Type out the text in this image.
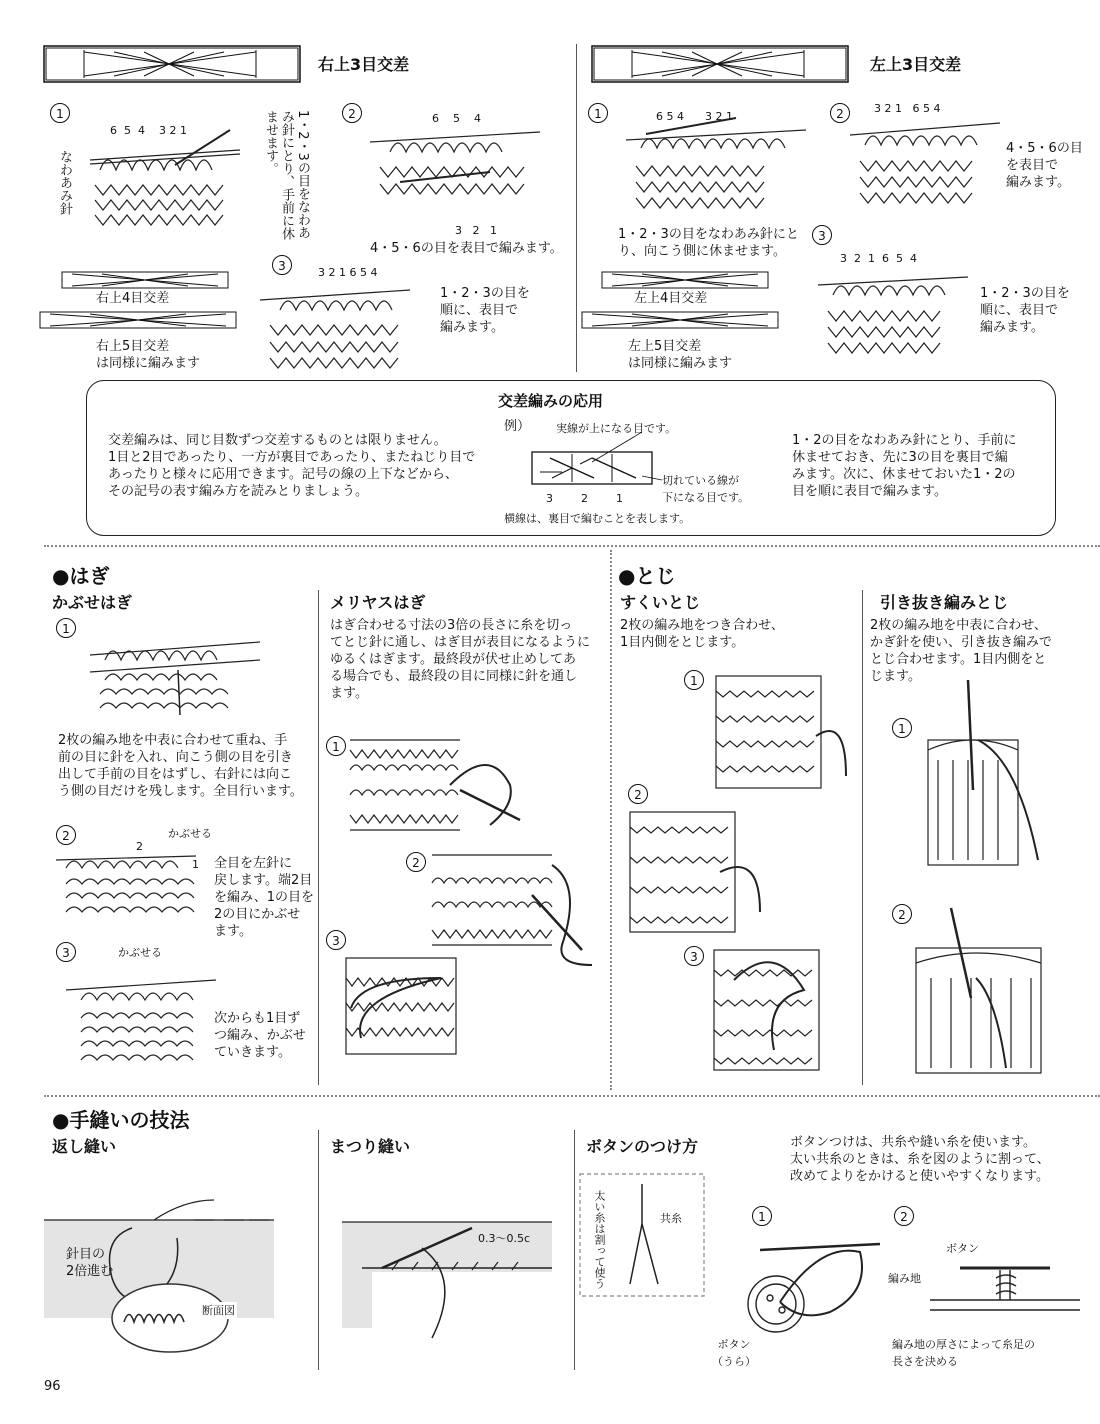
右上3目交差
1
6  5  4    3 2 1
なわあみ針	1・2・3の目をなわあみ針にとり、手前に休ませます。	2	6    5    4
3   2   1
4・5・6の目を表目で編みます。
3	3 2 1 6 5 4
1・2・3の目を
順に、表目で
編みます。
右上4目交差
右上5目交差
は同様に編みます
左上3目交差
1	6 5 4      3 2 1
1・2・3の目をなわあみ針にと
り、向こう側に休ませます。
2	3 2 1   6 5 4
4・5・6の目
を表目で
編みます。
3
3  2  1  6  5  4
1・2・3の目を
順に、表目で
編みます。
左上4目交差
左上5目交差
は同様に編みます
交差編みの応用
交差編みは、同じ目数ずつ交差するものとは限りません。
1目と2目であったり、一方が裏目であったり、またねじり目で
あったりと様々に応用できます。記号の線の上下などから、
その記号の表す編み方を読みとりましょう。
例） 実線が上になる目です。
3        2        1
切れている線が
下になる目です。
横線は、裏目で編むことを表します。
1・2の目をなわあみ針にとり、手前に
休ませておき、先に3の目を裏目で編
みます。次に、休ませておいた1・2の
目を順に表目で編みます。
●はぎ
かぶせはぎ
1
2枚の編み地を中表に合わせて重ね、手
前の目に針を入れ、向こう側の目を引き
出して手前の目をはずし、右針には向こ
う側の目だけを残します。全目行います。
2	かぶせる
2
1 全目を左針に
戻します。端2目
を編み、1の目を
2の目にかぶせ
ます。
3	かぶせる
次からも1目ず
つ編み、かぶせ
ていきます。
メリヤスはぎ
はぎ合わせる寸法の3倍の長さに糸を切っ
てとじ針に通し、はぎ目が表目になるように
ゆるくはぎます。最終段が伏せ止めしてあ
る場合でも、最終段の目に同様に針を通し
ます。
1
2
3
●とじ
すくいとじ
2枚の編み地をつき合わせ、
1目内側をとじます。
1
2
3
引き抜き編みとじ
2枚の編み地を中表に合わせ、
かぎ針を使い、引き抜き編みで
とじ合わせます。1目内側をと
じます。
1
2
●手縫いの技法
返し縫い
針目の
2倍進む
断面図
まつり縫い
0.3〜0.5c
ボタンのつけ方	ボタンつけは、共糸や縫い糸を使います。
太い共糸のときは、糸を図のように割って、
改めてよりをかけると使いやすくなります。
太い糸は割って使う	共糸	1
ボタン
（うら）
2
ボタン
編み地
編み地の厚さによって糸足の
長さを決める
96
